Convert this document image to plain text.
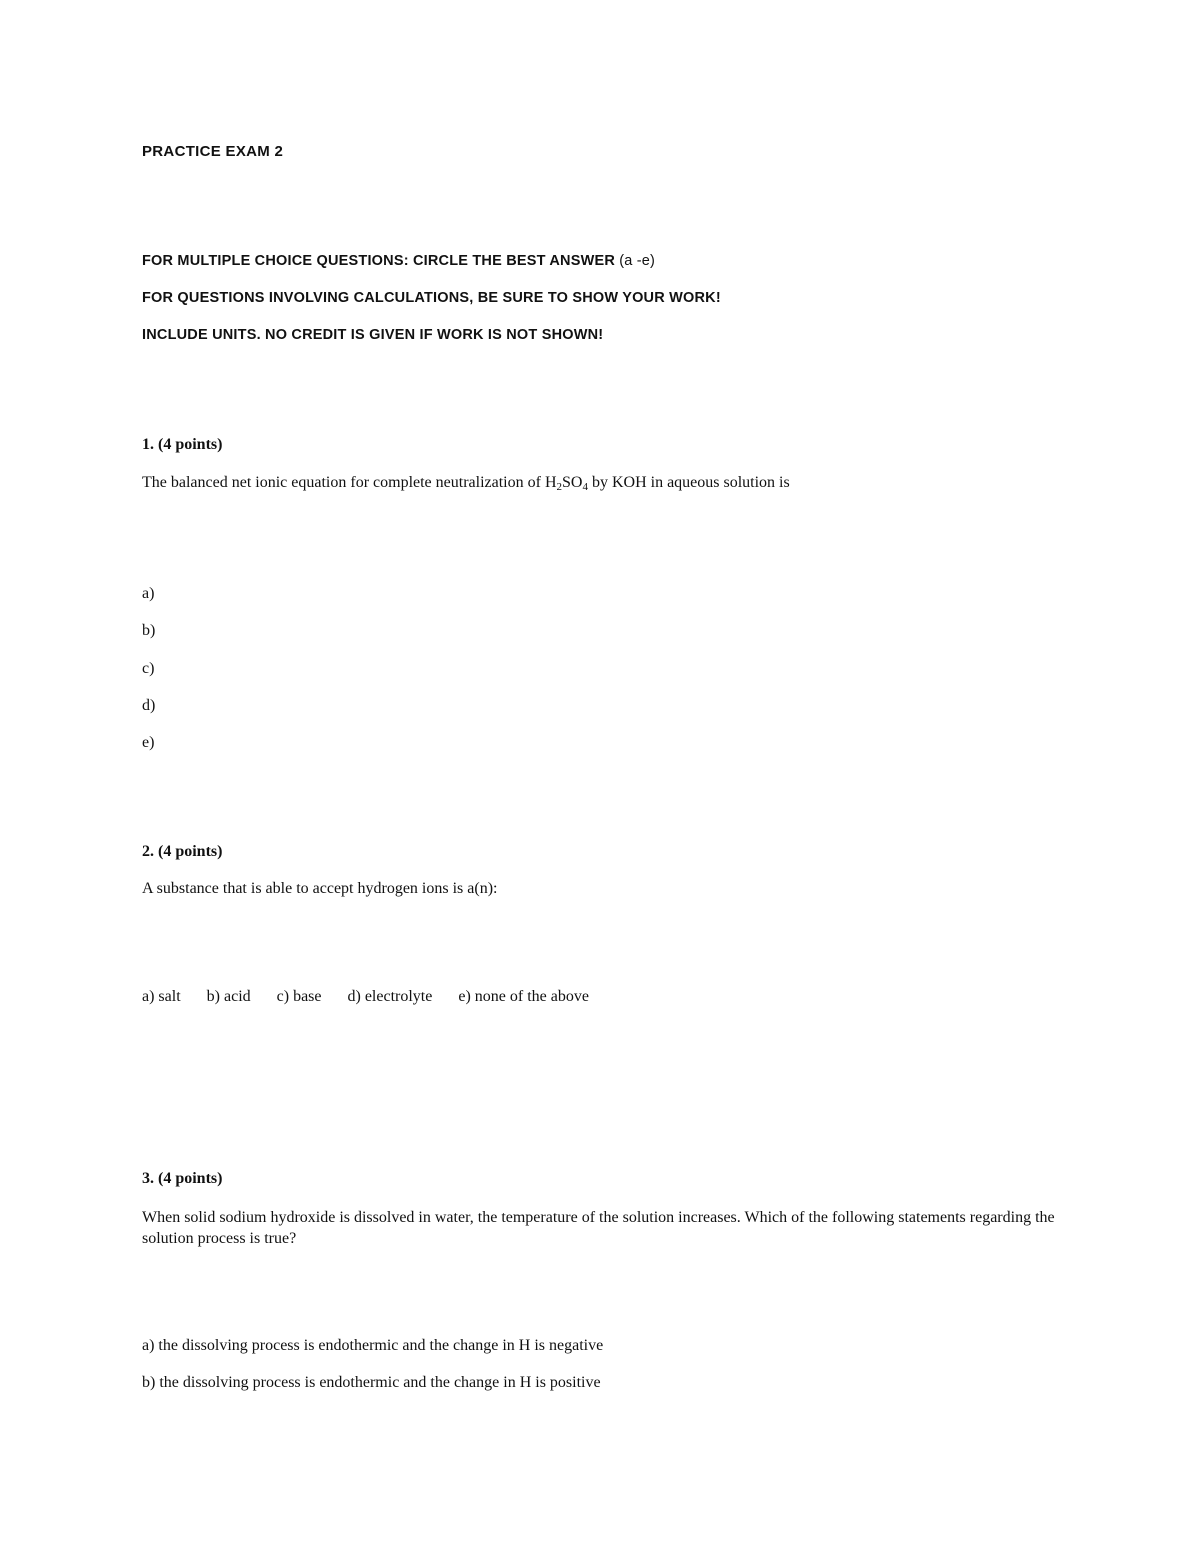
PRACTICE EXAM 2
FOR MULTIPLE CHOICE QUESTIONS: CIRCLE THE BEST ANSWER (a -e)
FOR QUESTIONS INVOLVING CALCULATIONS, BE SURE TO SHOW YOUR WORK!
INCLUDE UNITS. NO CREDIT IS GIVEN IF WORK IS NOT SHOWN!
1. (4 points)
The balanced net ionic equation for complete neutralization of $H_2SO_4$ by KOH in aqueous solution is
a)
b)
c)
d)
e)
2. (4 points)
A substance that is able to accept hydrogen ions is a(n):
a) salt b) acid c) base d) electrolyte e) none of the above
3. (4 points)
When solid sodium hydroxide is dissolved in water, the temperature of the solution increases. Which of the following statements regarding the solution process is true?
a) the dissolving process is endothermic and the change in H is negative
b) the dissolving process is endothermic and the change in H is positive
